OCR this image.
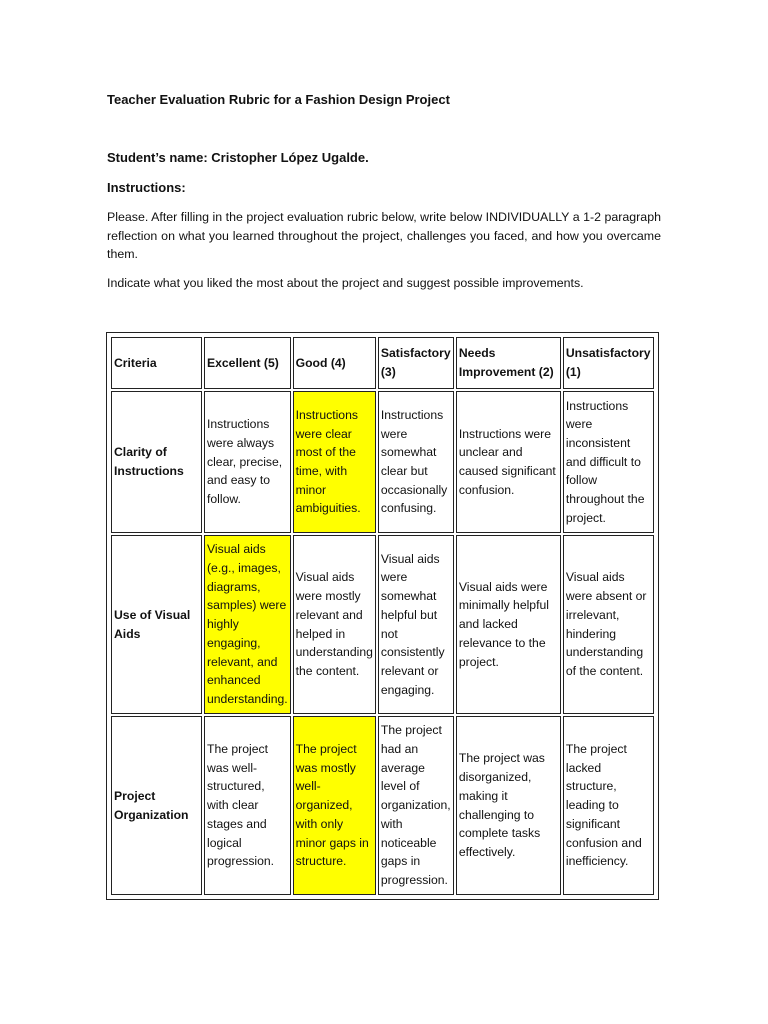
Teacher Evaluation Rubric for a Fashion Design Project
Student’s name: Cristopher López Ugalde.
Instructions:
Please. After filling in the project evaluation rubric below, write below INDIVIDUALLY a 1-2 paragraph reflection on what you learned throughout the project, challenges you faced, and how you overcame them.
Indicate what you liked the most about the project and suggest possible improvements.
Criteria	Excellent (5)	Good (4)	Satisfactory (3)	Needs Improvement (2)	Unsatisfactory (1)
Clarity of Instructions	Instructions were always clear, precise, and easy to follow.	Instructions were clear most of the time, with minor ambiguities.	Instructions were somewhat clear but occasionally confusing.	Instructions were unclear and caused significant confusion.	Instructions were inconsistent and difficult to follow throughout the project.
Use of Visual Aids	Visual aids (e.g., images, diagrams, samples) were highly engaging, relevant, and enhanced understanding.	Visual aids were mostly relevant and helped in understanding the content.	Visual aids were somewhat helpful but not consistently relevant or engaging.	Visual aids were minimally helpful and lacked relevance to the project.	Visual aids were absent or irrelevant, hindering understanding of the content.
Project Organization	The project was well-structured, with clear stages and logical progression.	The project was mostly well-organized, with only minor gaps in structure.	The project had an average level of organization, with noticeable gaps in progression.	The project was disorganized, making it challenging to complete tasks effectively.	The project lacked structure, leading to significant confusion and inefficiency.
